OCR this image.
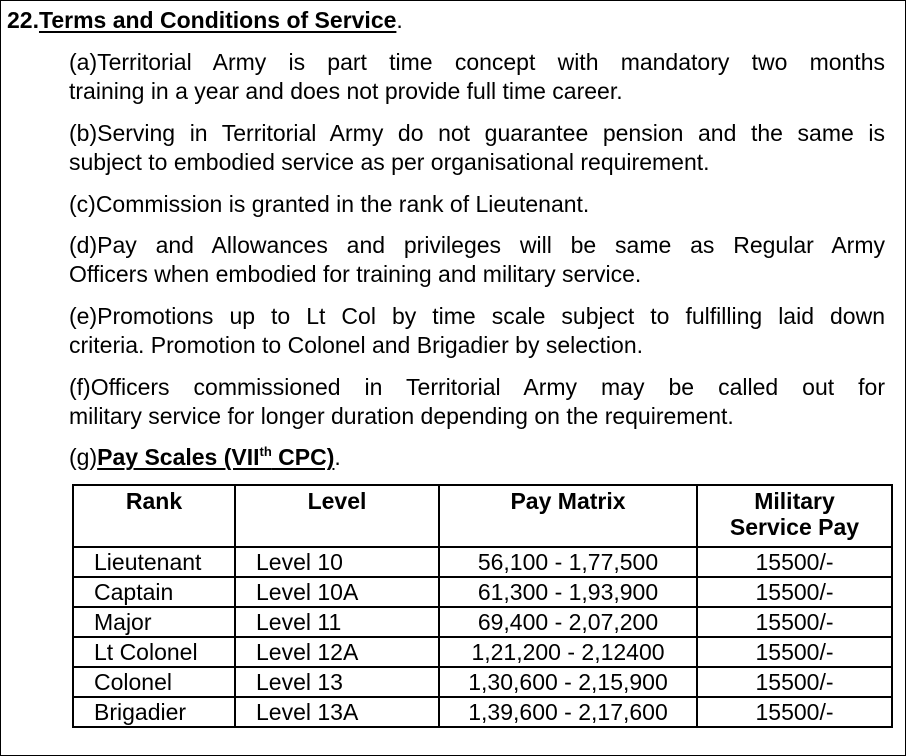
22.Terms and Conditions of Service.
(a)Territorial Army is part time concept with mandatory two months
training in a year and does not provide full time career.
(b)Serving in Territorial Army do not guarantee pension and the same is
subject to embodied service as per organisational requirement.
(c)Commission is granted in the rank of Lieutenant.
(d)Pay and Allowances and privileges will be same as Regular Army
Officers when embodied for training and military service.
(e)Promotions up to Lt Col by time scale subject to fulfilling laid down
criteria. Promotion to Colonel and Brigadier by selection.
(f)Officers commissioned in Territorial Army may be called out for
military service for longer duration depending on the requirement.
(g)Pay Scales (VIIth CPC).
Rank	Level	Pay Matrix	Military
Service Pay
Lieutenant	Level 10	56,100 - 1,77,500	15500/-
Captain	Level 10A	61,300 - 1,93,900	15500/-
Major	Level 11	69,400 - 2,07,200	15500/-
Lt Colonel	Level 12A	1,21,200 - 2,12400	15500/-
Colonel	Level 13	1,30,600 - 2,15,900	15500/-
Brigadier	Level 13A	1,39,600 - 2,17,600	15500/-
